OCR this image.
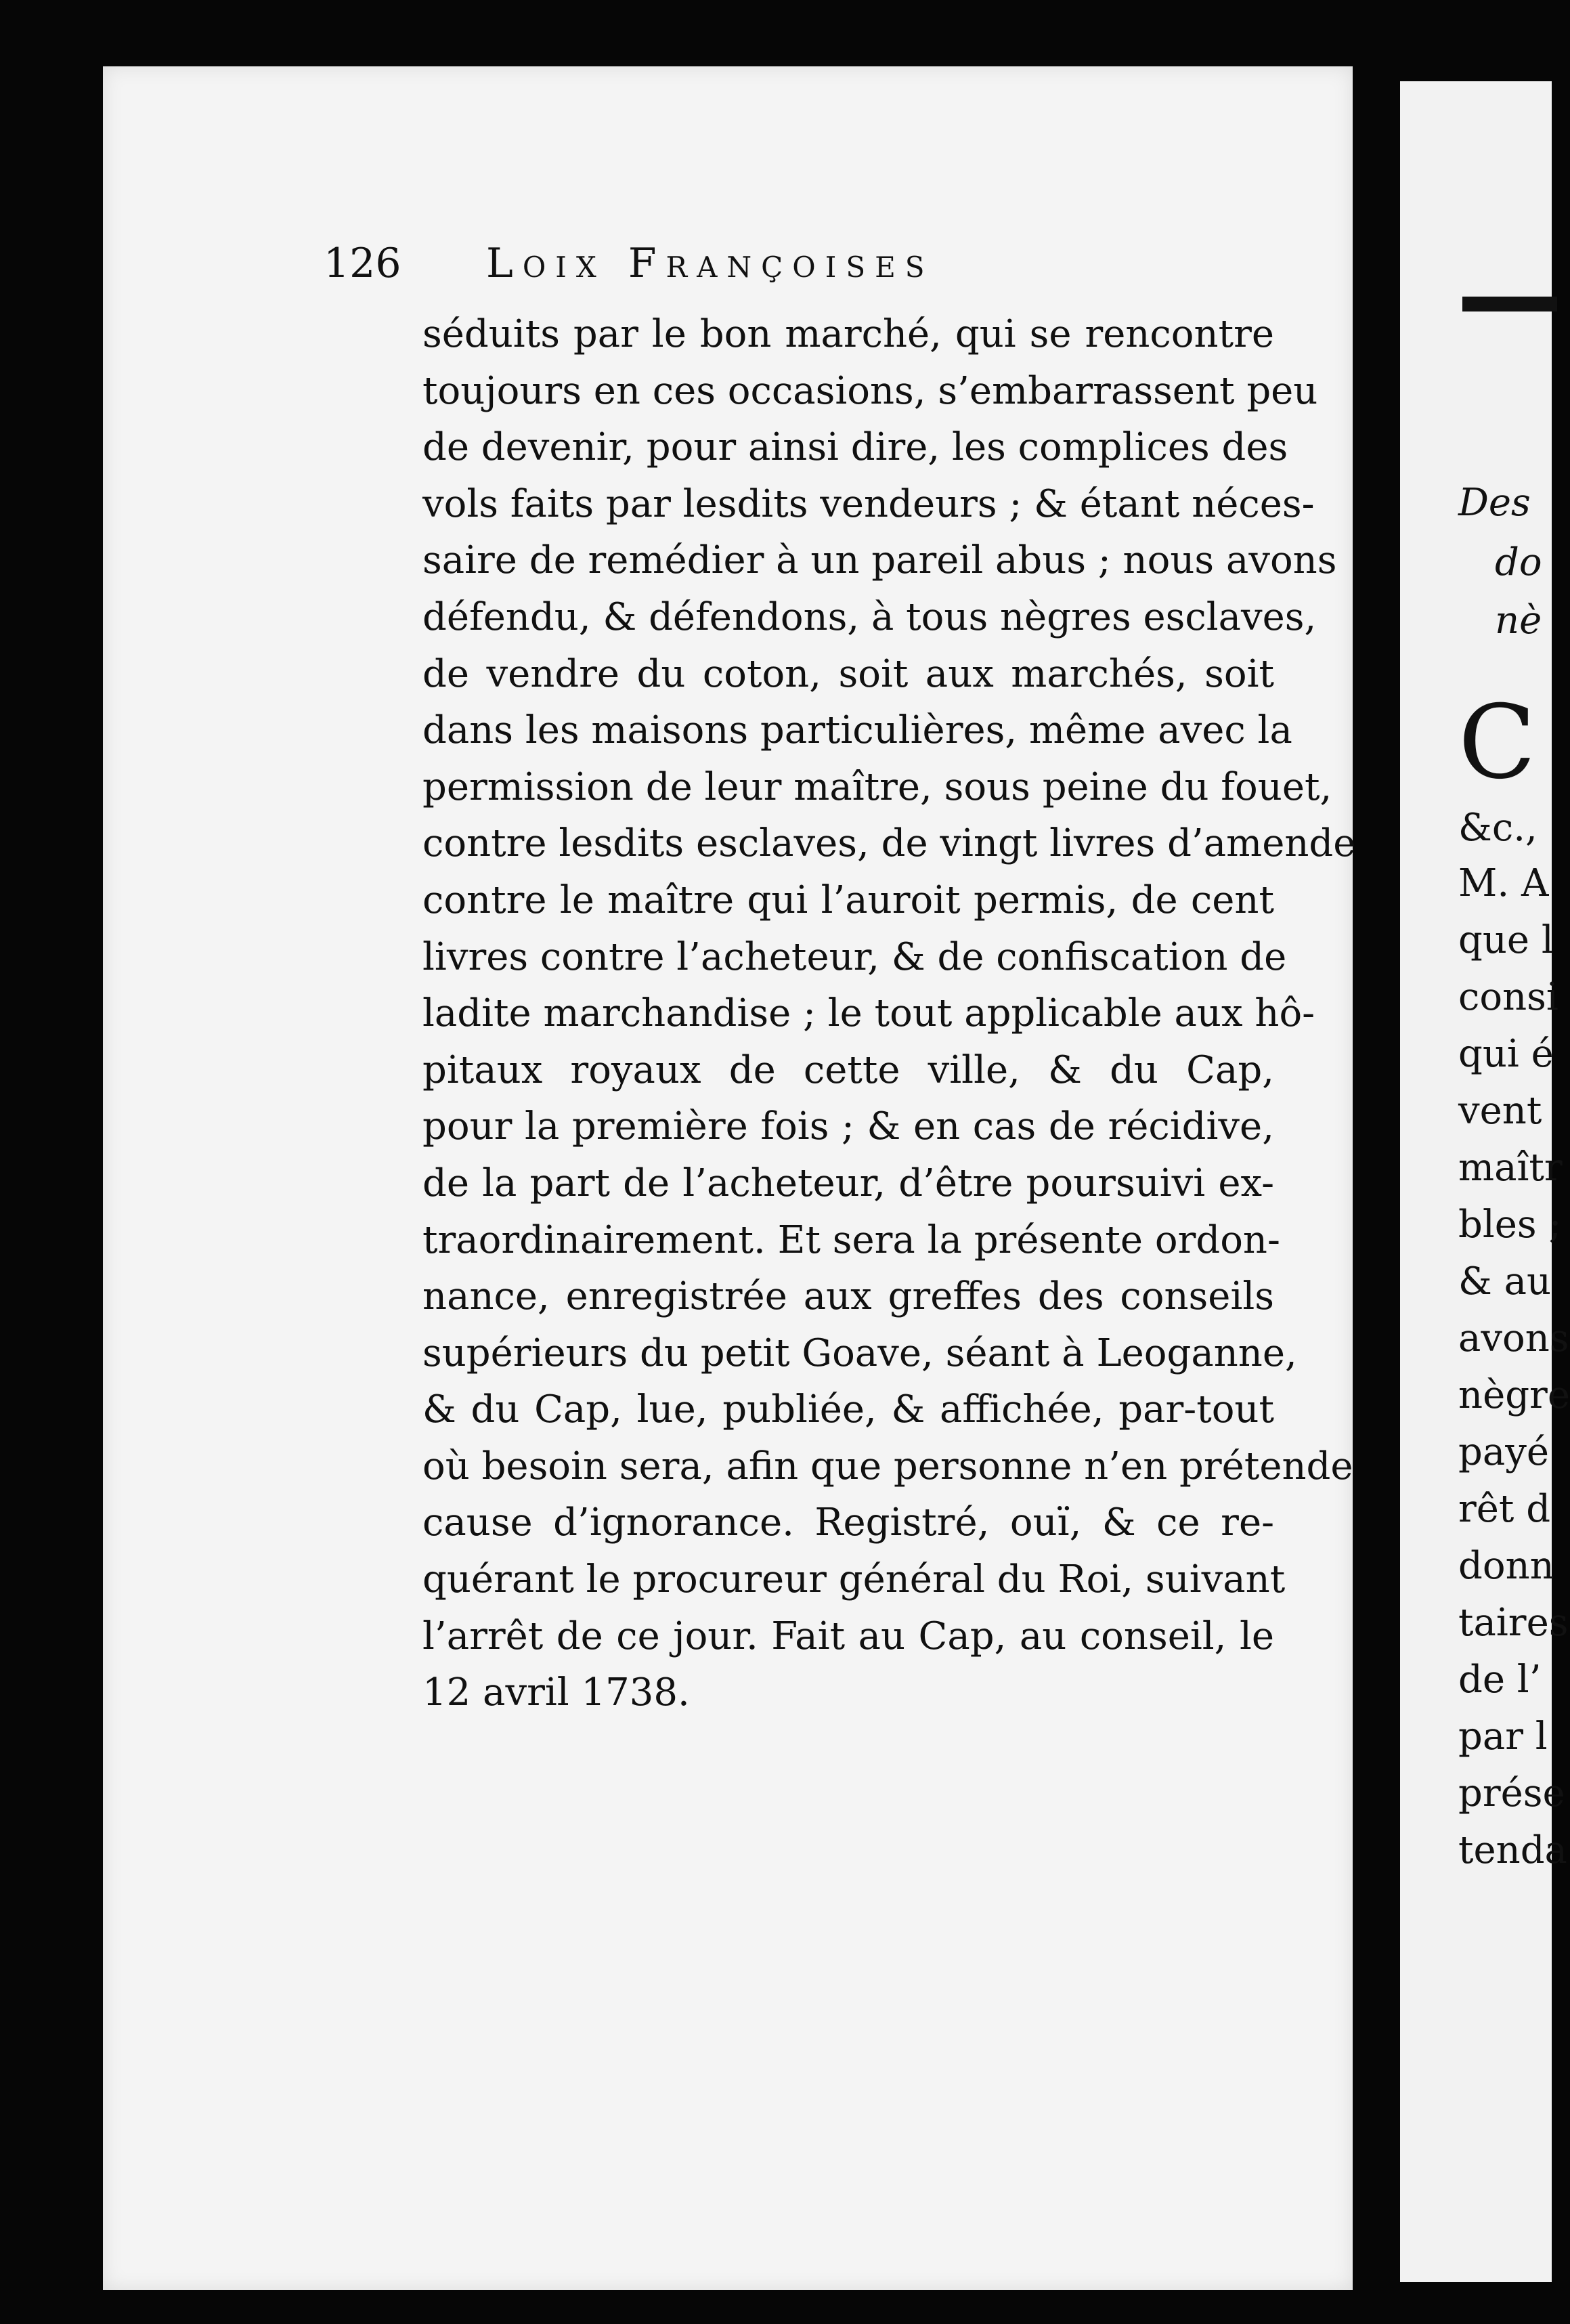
126 Loix Françoises
séduits par le bon marché, qui se rencontre
toujours en ces occasions, s’embarrassent peu
de devenir, pour ainsi dire, les complices des
vols faits par lesdits vendeurs ; & étant néces-
saire de remédier à un pareil abus ; nous avons
défendu, & défendons, à tous nègres esclaves,
de vendre du coton, soit aux marchés, soit
dans les maisons particulières, même avec la
permission de leur maître, sous peine du fouet,
contre lesdits esclaves, de vingt livres d’amende
contre le maître qui l’auroit permis, de cent
livres contre l’acheteur, & de confiscation de
ladite marchandise ; le tout applicable aux hô-
pitaux royaux de cette ville, & du Cap,
pour la première fois ; & en cas de récidive,
de la part de l’acheteur, d’être poursuivi ex-
traordinairement. Et sera la présente ordon-
nance, enregistrée aux greffes des conseils
supérieurs du petit Goave, séant à Leoganne,
& du Cap, lue, publiée, & affichée, par-tout
où besoin sera, afin que personne n’en prétende
cause d’ignorance. Registré, ouï, & ce re-
quérant le procureur général du Roi, suivant
l’arrêt de ce jour. Fait au Cap, au conseil, le
12 avril 1738.
Des
do
nè
C
&c.,
M. A
que l
consi
qui é
vent
maîtr
bles ;
& au
avons
nègre
payé
rêt d
donn
taires
de l’
par l
prése
tenda
